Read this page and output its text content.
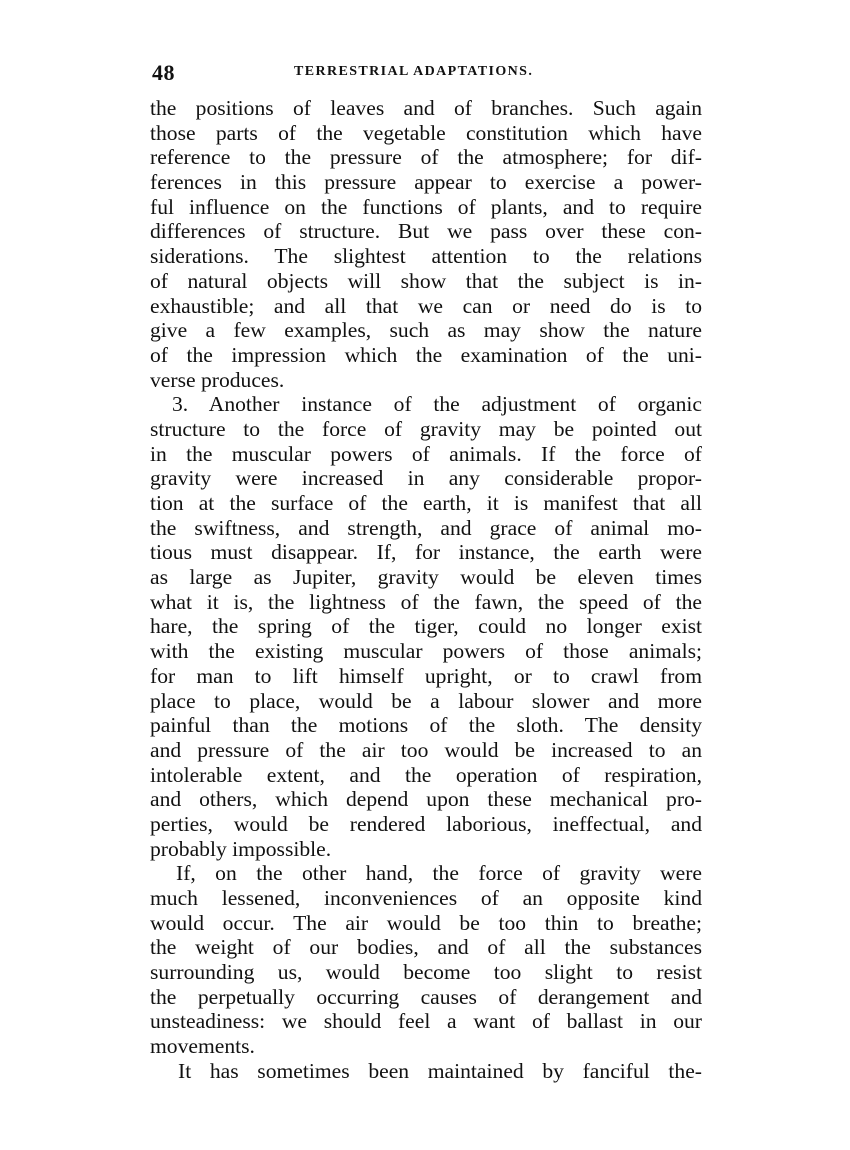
48	TERRESTRIAL ADAPTATIONS.
the positions of leaves and of branches. Such again
those parts of the vegetable constitution which have
reference to the pressure of the atmosphere; for dif-
ferences in this pressure appear to exercise a power-
ful influence on the functions of plants, and to require
differences of structure. But we pass over these con-
siderations. The slightest attention to the relations
of natural objects will show that the subject is in-
exhaustible; and all that we can or need do is to
give a few examples, such as may show the nature
of the impression which the examination of the uni-
verse produces.
3. Another instance of the adjustment of organic
structure to the force of gravity may be pointed out
in the muscular powers of animals. If the force of
gravity were increased in any considerable propor-
tion at the surface of the earth, it is manifest that all
the swiftness, and strength, and grace of animal mo-
tious must disappear. If, for instance, the earth were
as large as Jupiter, gravity would be eleven times
what it is, the lightness of the fawn, the speed of the
hare, the spring of the tiger, could no longer exist
with the existing muscular powers of those animals;
for man to lift himself upright, or to crawl from
place to place, would be a labour slower and more
painful than the motions of the sloth. The density
and pressure of the air too would be increased to an
intolerable extent, and the operation of respiration,
and others, which depend upon these mechanical pro-
perties, would be rendered laborious, ineffectual, and
probably impossible.
If, on the other hand, the force of gravity were
much lessened, inconveniences of an opposite kind
would occur. The air would be too thin to breathe;
the weight of our bodies, and of all the substances
surrounding us, would become too slight to resist
the perpetually occurring causes of derangement and
unsteadiness: we should feel a want of ballast in our
movements.
It has sometimes been maintained by fanciful the-
